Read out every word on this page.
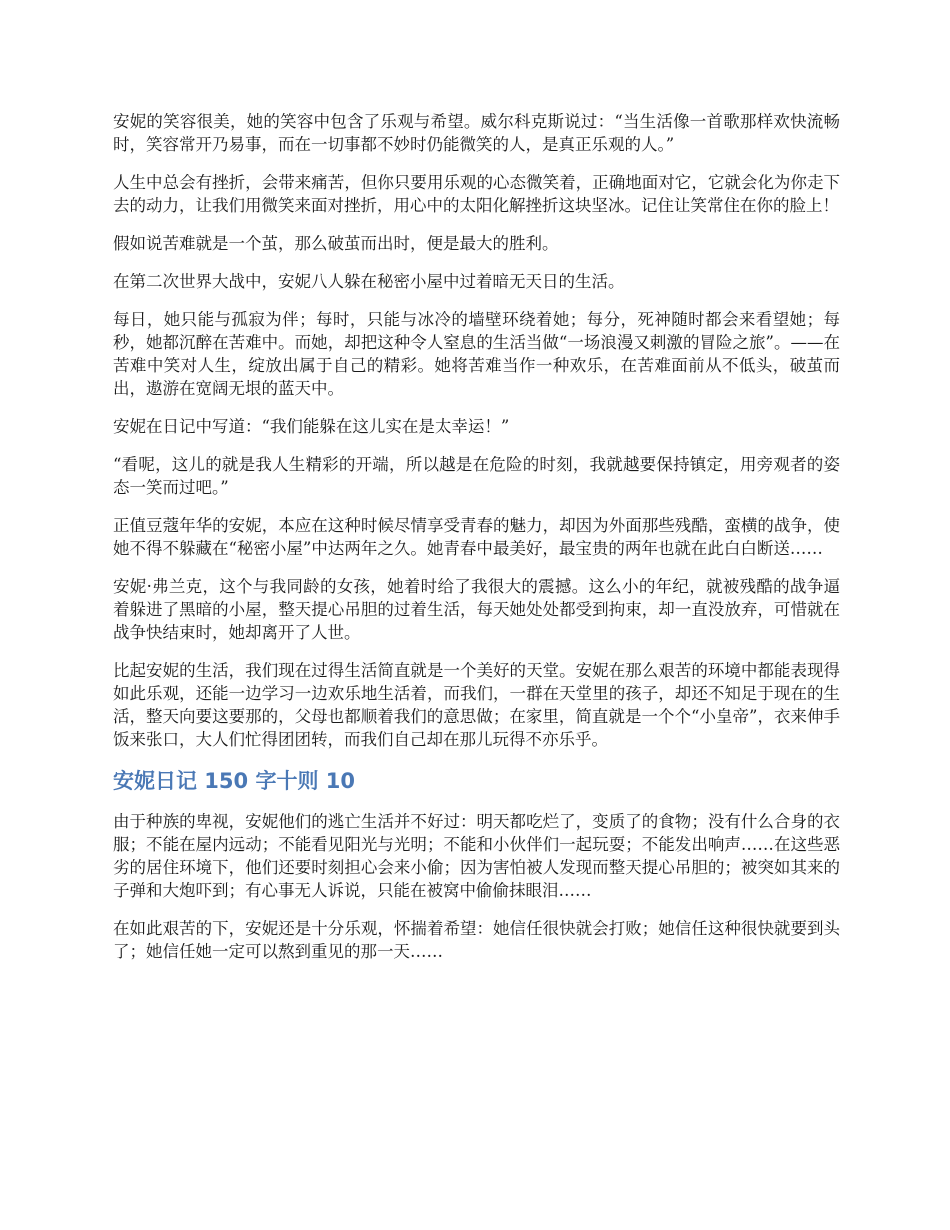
安妮的笑容很美，她的笑容中包含了乐观与希望。威尔科克斯说过：“当生活像一首歌那样欢快流畅时，笑容常开乃易事，而在一切事都不妙时仍能微笑的人，是真正乐观的人。”

人生中总会有挫折，会带来痛苦，但你只要用乐观的心态微笑着，正确地面对它，它就会化为你走下去的动力，让我们用微笑来面对挫折，用心中的太阳化解挫折这块坚冰。记住让笑常住在你的脸上！

假如说苦难就是一个茧，那么破茧而出时，便是最大的胜利。

在第二次世界大战中，安妮八人躲在秘密小屋中过着暗无天日的生活。

每日，她只能与孤寂为伴；每时，只能与冰冷的墙壁环绕着她；每分，死神随时都会来看望她；每秒，她都沉醉在苦难中。而她，却把这种令人窒息的生活当做“一场浪漫又刺激的冒险之旅”。——在苦难中笑对人生，绽放出属于自己的精彩。她将苦难当作一种欢乐，在苦难面前从不低头，破茧而出，遨游在宽阔无垠的蓝天中。

安妮在日记中写道：“我们能躲在这儿实在是太幸运！”

“看呢，这儿的就是我人生精彩的开端，所以越是在危险的时刻，我就越要保持镇定，用旁观者的姿态一笑而过吧。”

正值豆蔻年华的安妮，本应在这种时候尽情享受青春的魅力，却因为外面那些残酷，蛮横的战争，使她不得不躲藏在“秘密小屋”中达两年之久。她青春中最美好，最宝贵的两年也就在此白白断送……

安妮·弗兰克，这个与我同龄的女孩，她着时给了我很大的震撼。这么小的年纪，就被残酷的战争逼着躲进了黑暗的小屋，整天提心吊胆的过着生活，每天她处处都受到拘束，却一直没放弃，可惜就在战争快结束时，她却离开了人世。

比起安妮的生活，我们现在过得生活简直就是一个美好的天堂。安妮在那么艰苦的环境中都能表现得如此乐观，还能一边学习一边欢乐地生活着，而我们，一群在天堂里的孩子，却还不知足于现在的生活，整天向要这要那的，父母也都顺着我们的意思做；在家里，简直就是一个个“小皇帝”，衣来伸手饭来张口，大人们忙得团团转，而我们自己却在那儿玩得不亦乐乎。

安妮日记 150 字十则 10

由于种族的卑视，安妮他们的逃亡生活并不好过：明天都吃烂了，变质了的食物；没有什么合身的衣服；不能在屋内远动；不能看见阳光与光明；不能和小伙伴们一起玩耍；不能发出响声……在这些恶劣的居住环境下，他们还要时刻担心会来小偷；因为害怕被人发现而整天提心吊胆的；被突如其来的子弹和大炮吓到；有心事无人诉说，只能在被窝中偷偷抹眼泪……

在如此艰苦的下，安妮还是十分乐观，怀揣着希望：她信任很快就会打败；她信任这种很快就要到头了；她信任她一定可以熬到重见的那一天……
